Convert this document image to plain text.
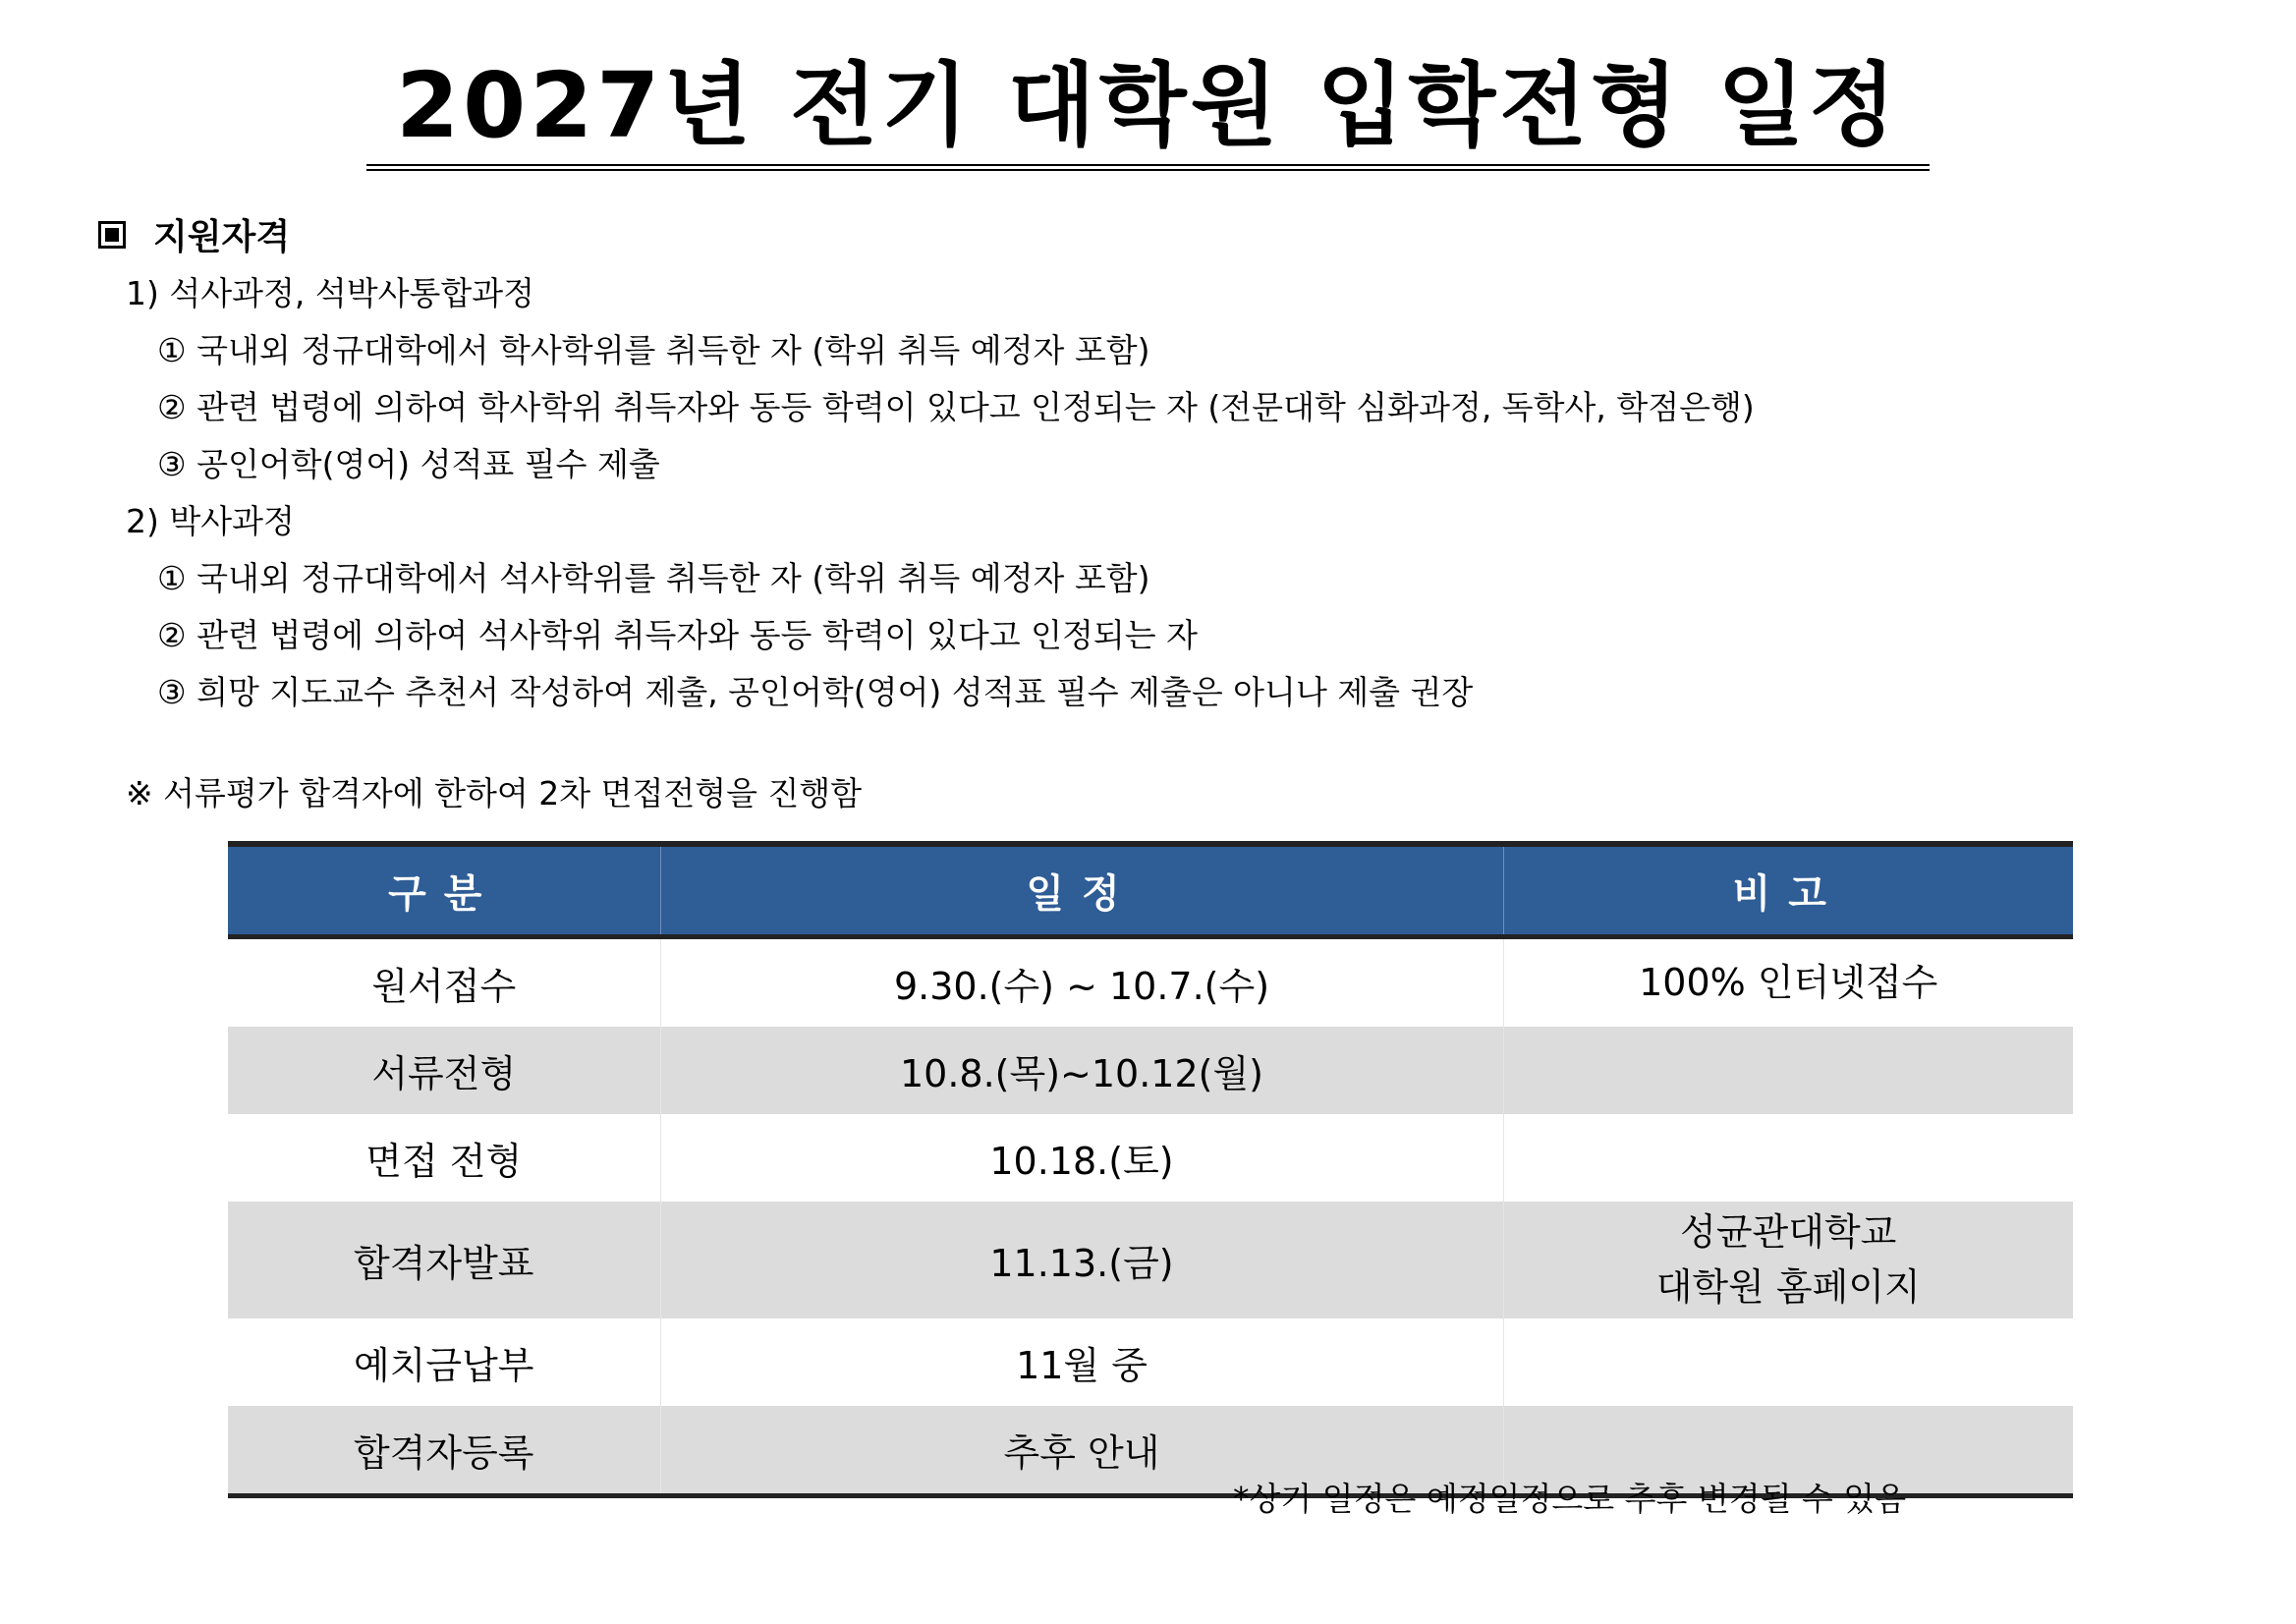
2027년 전기 대학원 입학전형 일정
지원자격
1) 석사과정, 석박사통합과정
① 국내외 정규대학에서 학사학위를 취득한 자 (학위 취득 예정자 포함)
② 관련 법령에 의하여 학사학위 취득자와 동등 학력이 있다고 인정되는 자 (전문대학 심화과정, 독학사, 학점은행)
③ 공인어학(영어) 성적표 필수 제출
2) 박사과정
① 국내외 정규대학에서 석사학위를 취득한 자 (학위 취득 예정자 포함)
② 관련 법령에 의하여 석사학위 취득자와 동등 학력이 있다고 인정되는 자
③ 희망 지도교수 추천서 작성하여 제출, 공인어학(영어) 성적표 필수 제출은 아니나 제출 권장
※ 서류평가 합격자에 한하여 2차 면접전형을 진행함
구분	일정	비고
원서접수	9.30.(수) ~ 10.7.(수)	100% 인터넷접수
서류전형	10.8.(목)~10.12(월)	
면접 전형	10.18.(토)	
합격자발표	11.13.(금)	성균관대학교
대학원 홈페이지

예치금납부	11월 중	
합격자등록	추후 안내	
*상기 일정은 예정일정으로 추후 변경될 수 있음
